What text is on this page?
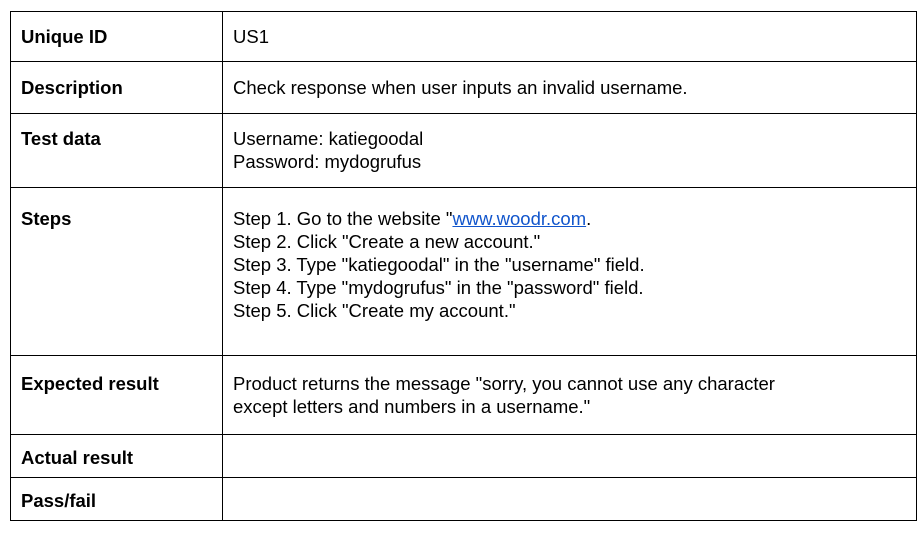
Unique ID	US1
Description	Check response when user inputs an invalid username.
Test data	Username: katiegoodal
Password: mydogrufus

Steps	Step 1. Go to the website "www.woodr.com.
Step 2. Click "Create a new account."
Step 3. Type "katiegoodal" in the "username" field.
Step 4. Type "mydogrufus" in the "password" field.
Step 5. Click "Create my account."

Expected result	Product returns the message "sorry, you cannot use any character
except letters and numbers in a username."

Actual result	
Pass/fail	
